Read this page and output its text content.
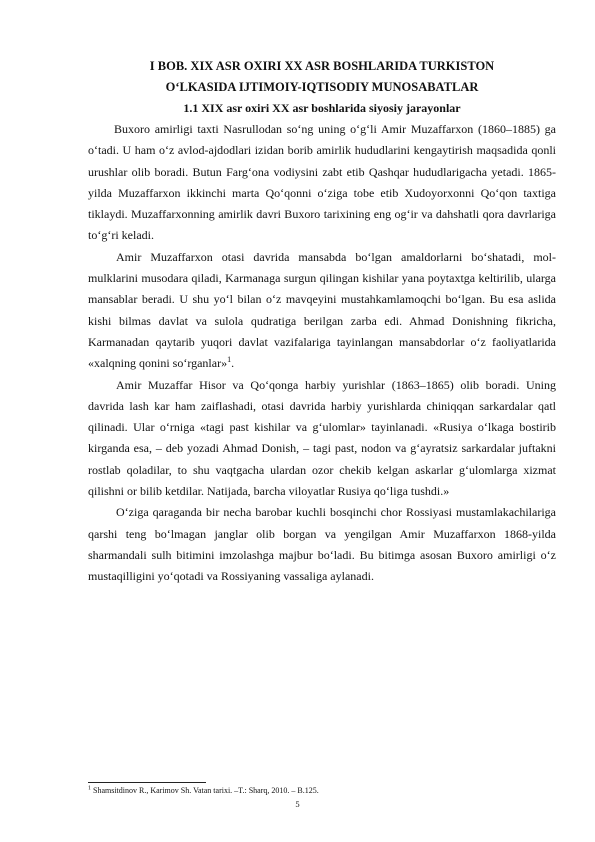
I BOB. XIX ASR OXIRI XX ASR BOSHLARIDA TURKISTON
O‘LKASIDA IJTIMOIY-IQTISODIY MUNOSABATLAR
1.1 XIX asr oxiri XX asr boshlarida siyosiy jarayonlar

Buxoro amirligi taxti Nasrullodan so‘ng uning o‘g‘li Amir Muzaffarxon (1860–1885) ga o‘tadi. U ham o‘z avlod-ajdodlari izidan borib amirlik hududlarini kengaytirish maqsadida qonli urushlar olib boradi. Butun Farg‘ona vodiysini zabt etib Qashqar hududlarigacha yetadi. 1865-yilda Muzaffarxon ikkinchi marta Qo‘qonni o‘ziga tobe etib Xudoyorxonni Qo‘qon taxtiga tiklaydi. Muzaffarxonning amirlik davri Buxoro tarixining eng og‘ir va dahshatli qora davrlariga to‘g‘ri keladi.

Amir Muzaffarxon otasi davrida mansabda bo‘lgan amaldorlarni bo‘shatadi, mol-mulklarini musodara qiladi, Karmanaga surgun qilingan kishilar yana poytaxtga keltirilib, ularga mansablar beradi. U shu yo‘l bilan o‘z mavqeyini mustahkamlamoqchi bo‘lgan. Bu esa aslida kishi bilmas davlat va sulola qudratiga berilgan zarba edi. Ahmad Donishning fikricha, Karmanadan qaytarib yuqori davlat vazifalariga tayinlangan mansabdorlar o‘z faoliyatlarida «xalqning qonini so‘rganlar»$^1$.

Amir Muzaffar Hisor va Qo‘qonga harbiy yurishlar (1863–1865) olib boradi. Uning davrida lash kar ham zaiflashadi, otasi davrida harbiy yurishlarda chiniqqan sarkardalar qatl qilinadi. Ular o‘rniga «tagi past kishilar va g‘ulomlar» tayinlanadi. «Rusiya o‘lkaga bostirib kirganda esa, – deb yozadi Ahmad Donish, – tagi past, nodon va g‘ayratsiz sarkardalar juftakni rostlab qoladilar, to shu vaqtgacha ulardan ozor chekib kelgan askarlar g‘ulomlarga xizmat qilishni or bilib ketdilar. Natijada, barcha viloyatlar Rusiya qo‘liga tushdi.»

O‘ziga qaraganda bir necha barobar kuchli bosqinchi chor Rossiyasi mustamlakachilariga qarshi teng bo‘lmagan janglar olib borgan va yengilgan Amir Muzaffarxon 1868-yilda sharmandali sulh bitimini imzolashga majbur bo‘ladi. Bu bitimga asosan Buxoro amirligi o‘z mustaqilligini yo‘qotadi va Rossiyaning vassaliga aylanadi.

$^1$ Shamsitdinov R., Karimov Sh. Vatan tarixi. –T.: Sharq, 2010. – B.125.
5
